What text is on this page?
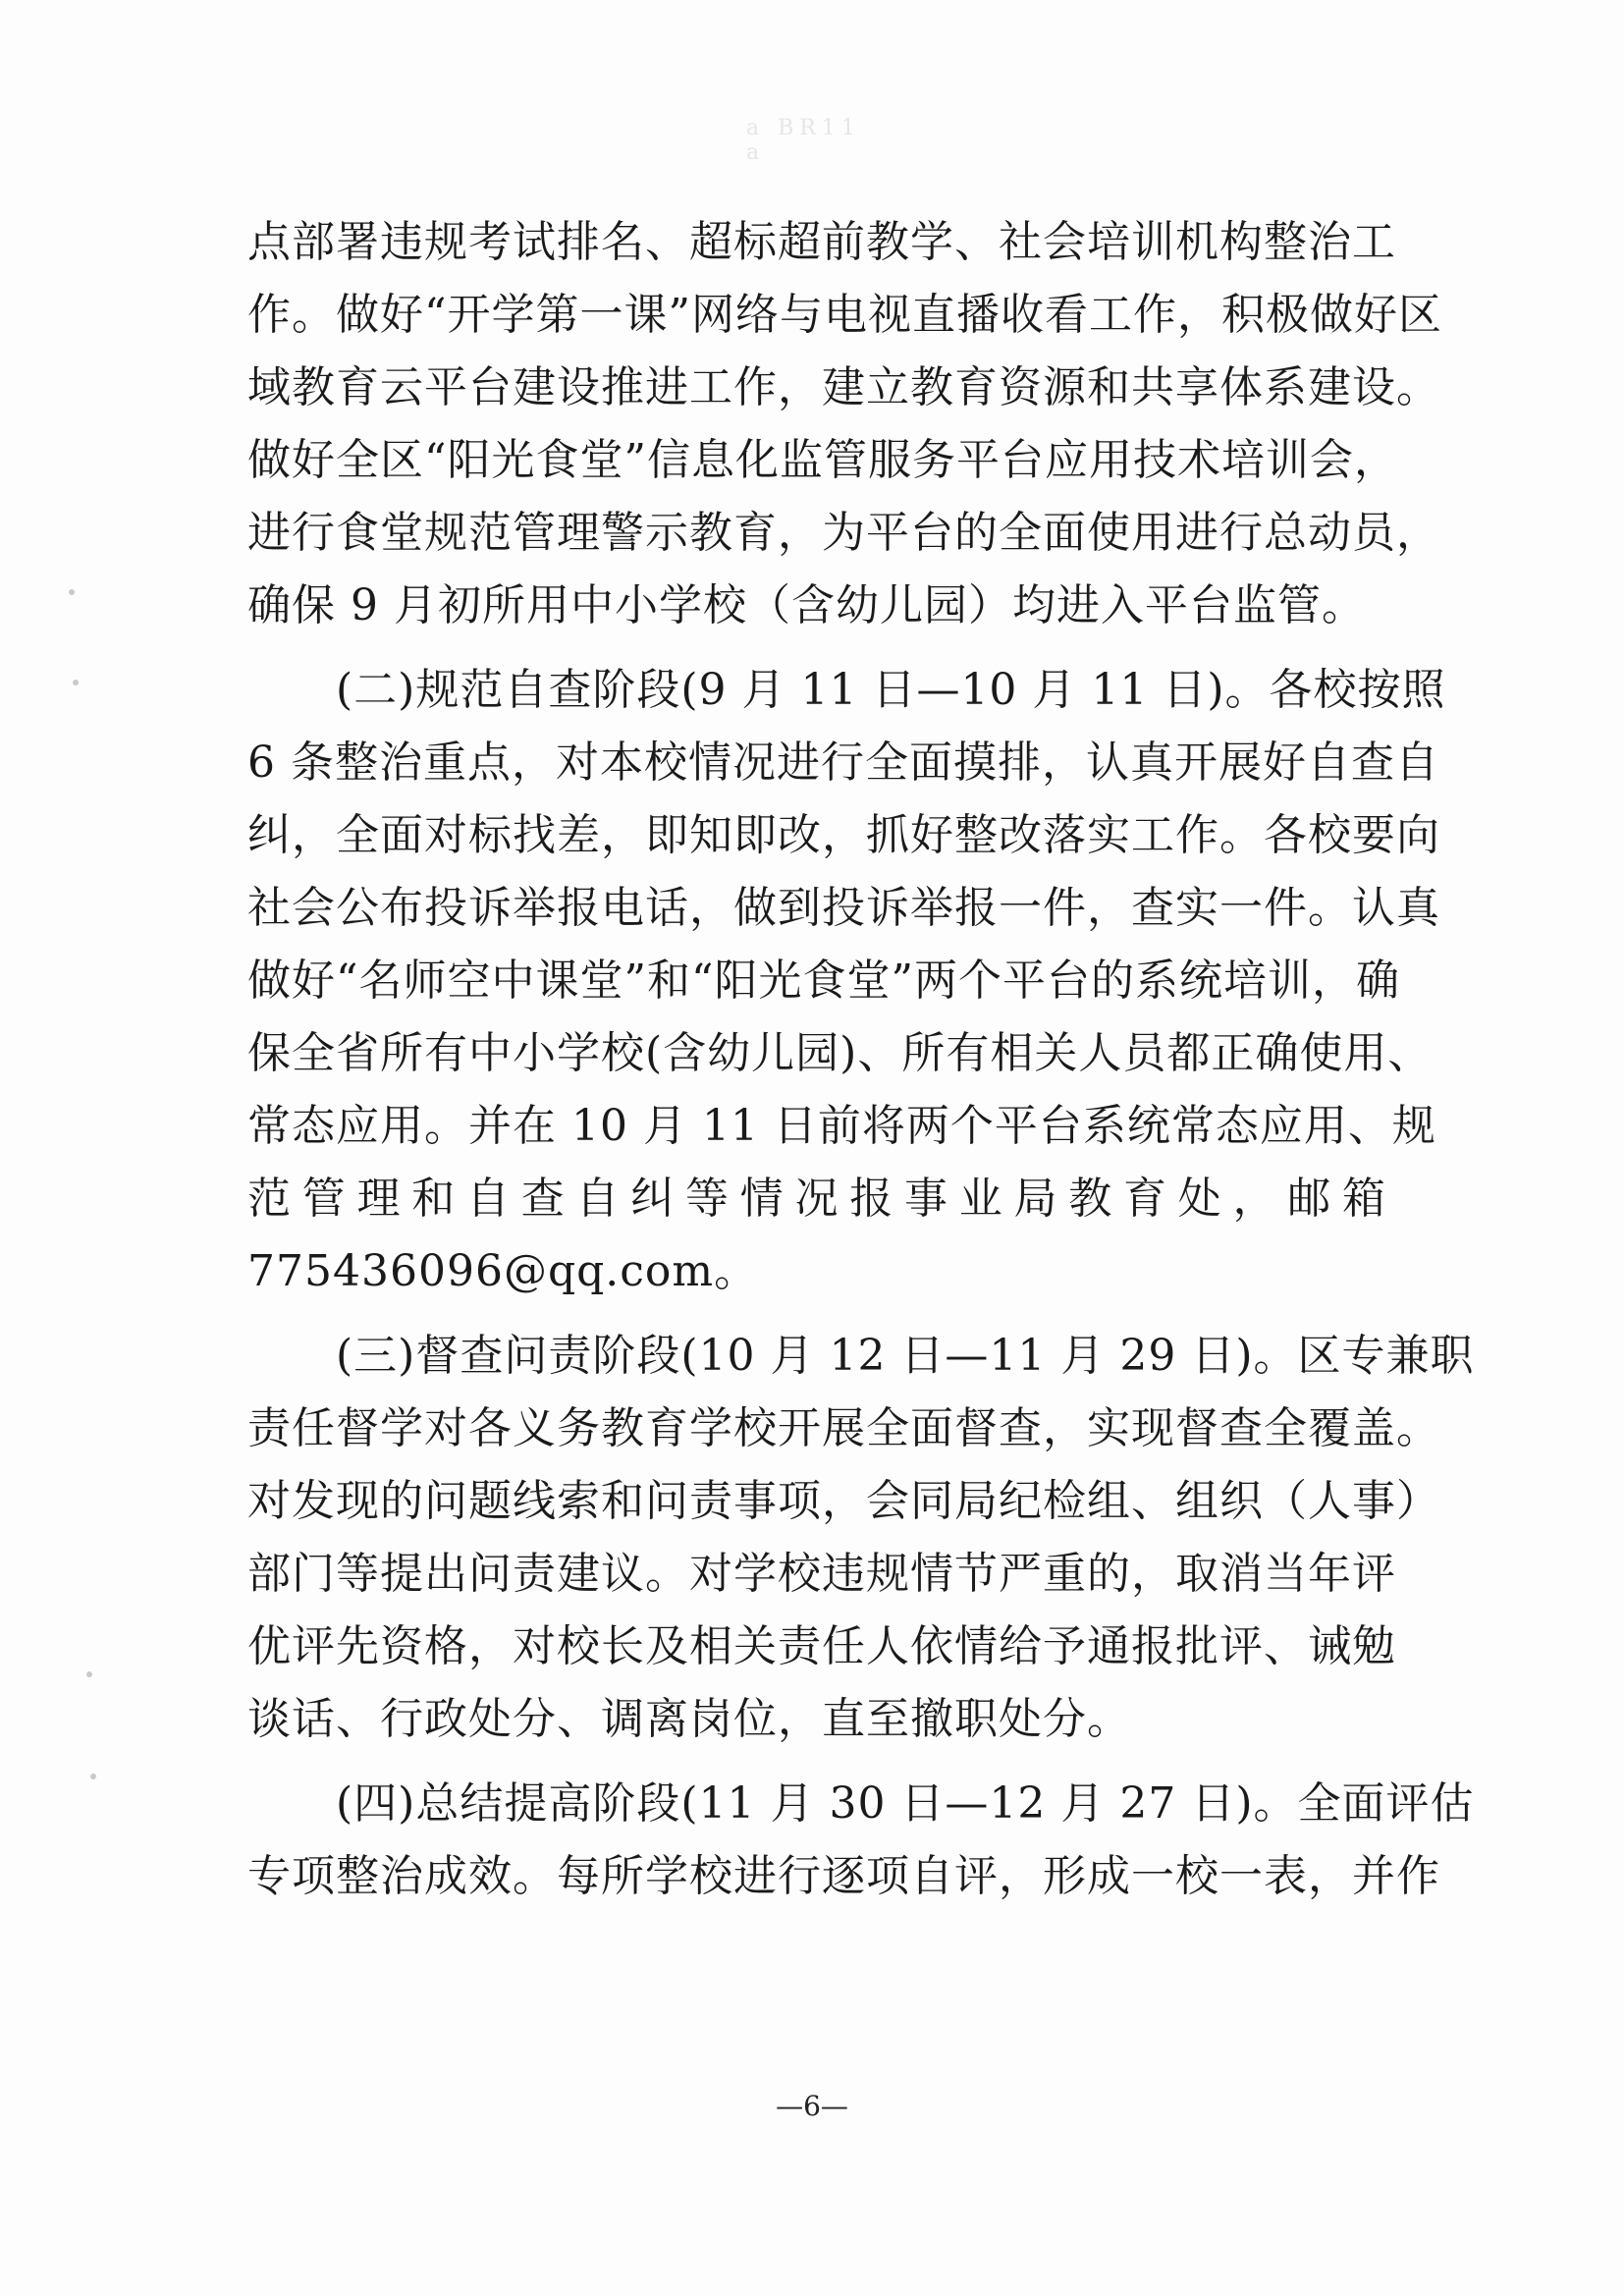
a BR11 a
点部署违规考试排名、超标超前教学、社会培训机构整治工
作。做好“开学第一课”网络与电视直播收看工作，积极做好区
域教育云平台建设推进工作，建立教育资源和共享体系建设。
做好全区“阳光食堂”信息化监管服务平台应用技术培训会，
进行食堂规范管理警示教育，为平台的全面使用进行总动员，
确保 9 月初所用中小学校（含幼儿园）均进入平台监管。
　　(二)规范自查阶段(9 月 11 日—10 月 11 日)。各校按照
6 条整治重点，对本校情况进行全面摸排，认真开展好自查自
纠，全面对标找差，即知即改，抓好整改落实工作。各校要向
社会公布投诉举报电话，做到投诉举报一件，查实一件。认真
做好“名师空中课堂”和“阳光食堂”两个平台的系统培训，确
保全省所有中小学校(含幼儿园)、所有相关人员都正确使用、
常态应用。并在 10 月 11 日前将两个平台系统常态应用、规
范管理和自查自纠等情况报事业局教育处，邮箱
775436096@qq.com。
　　(三)督查问责阶段(10 月 12 日—11 月 29 日)。区专兼职
责任督学对各义务教育学校开展全面督查，实现督查全覆盖。
对发现的问题线索和问责事项，会同局纪检组、组织（人事）
部门等提出问责建议。对学校违规情节严重的，取消当年评
优评先资格，对校长及相关责任人依情给予通报批评、诫勉
谈话、行政处分、调离岗位，直至撤职处分。
　　(四)总结提高阶段(11 月 30 日—12 月 27 日)。全面评估
专项整治成效。每所学校进行逐项自评，形成一校一表，并作
—6—
